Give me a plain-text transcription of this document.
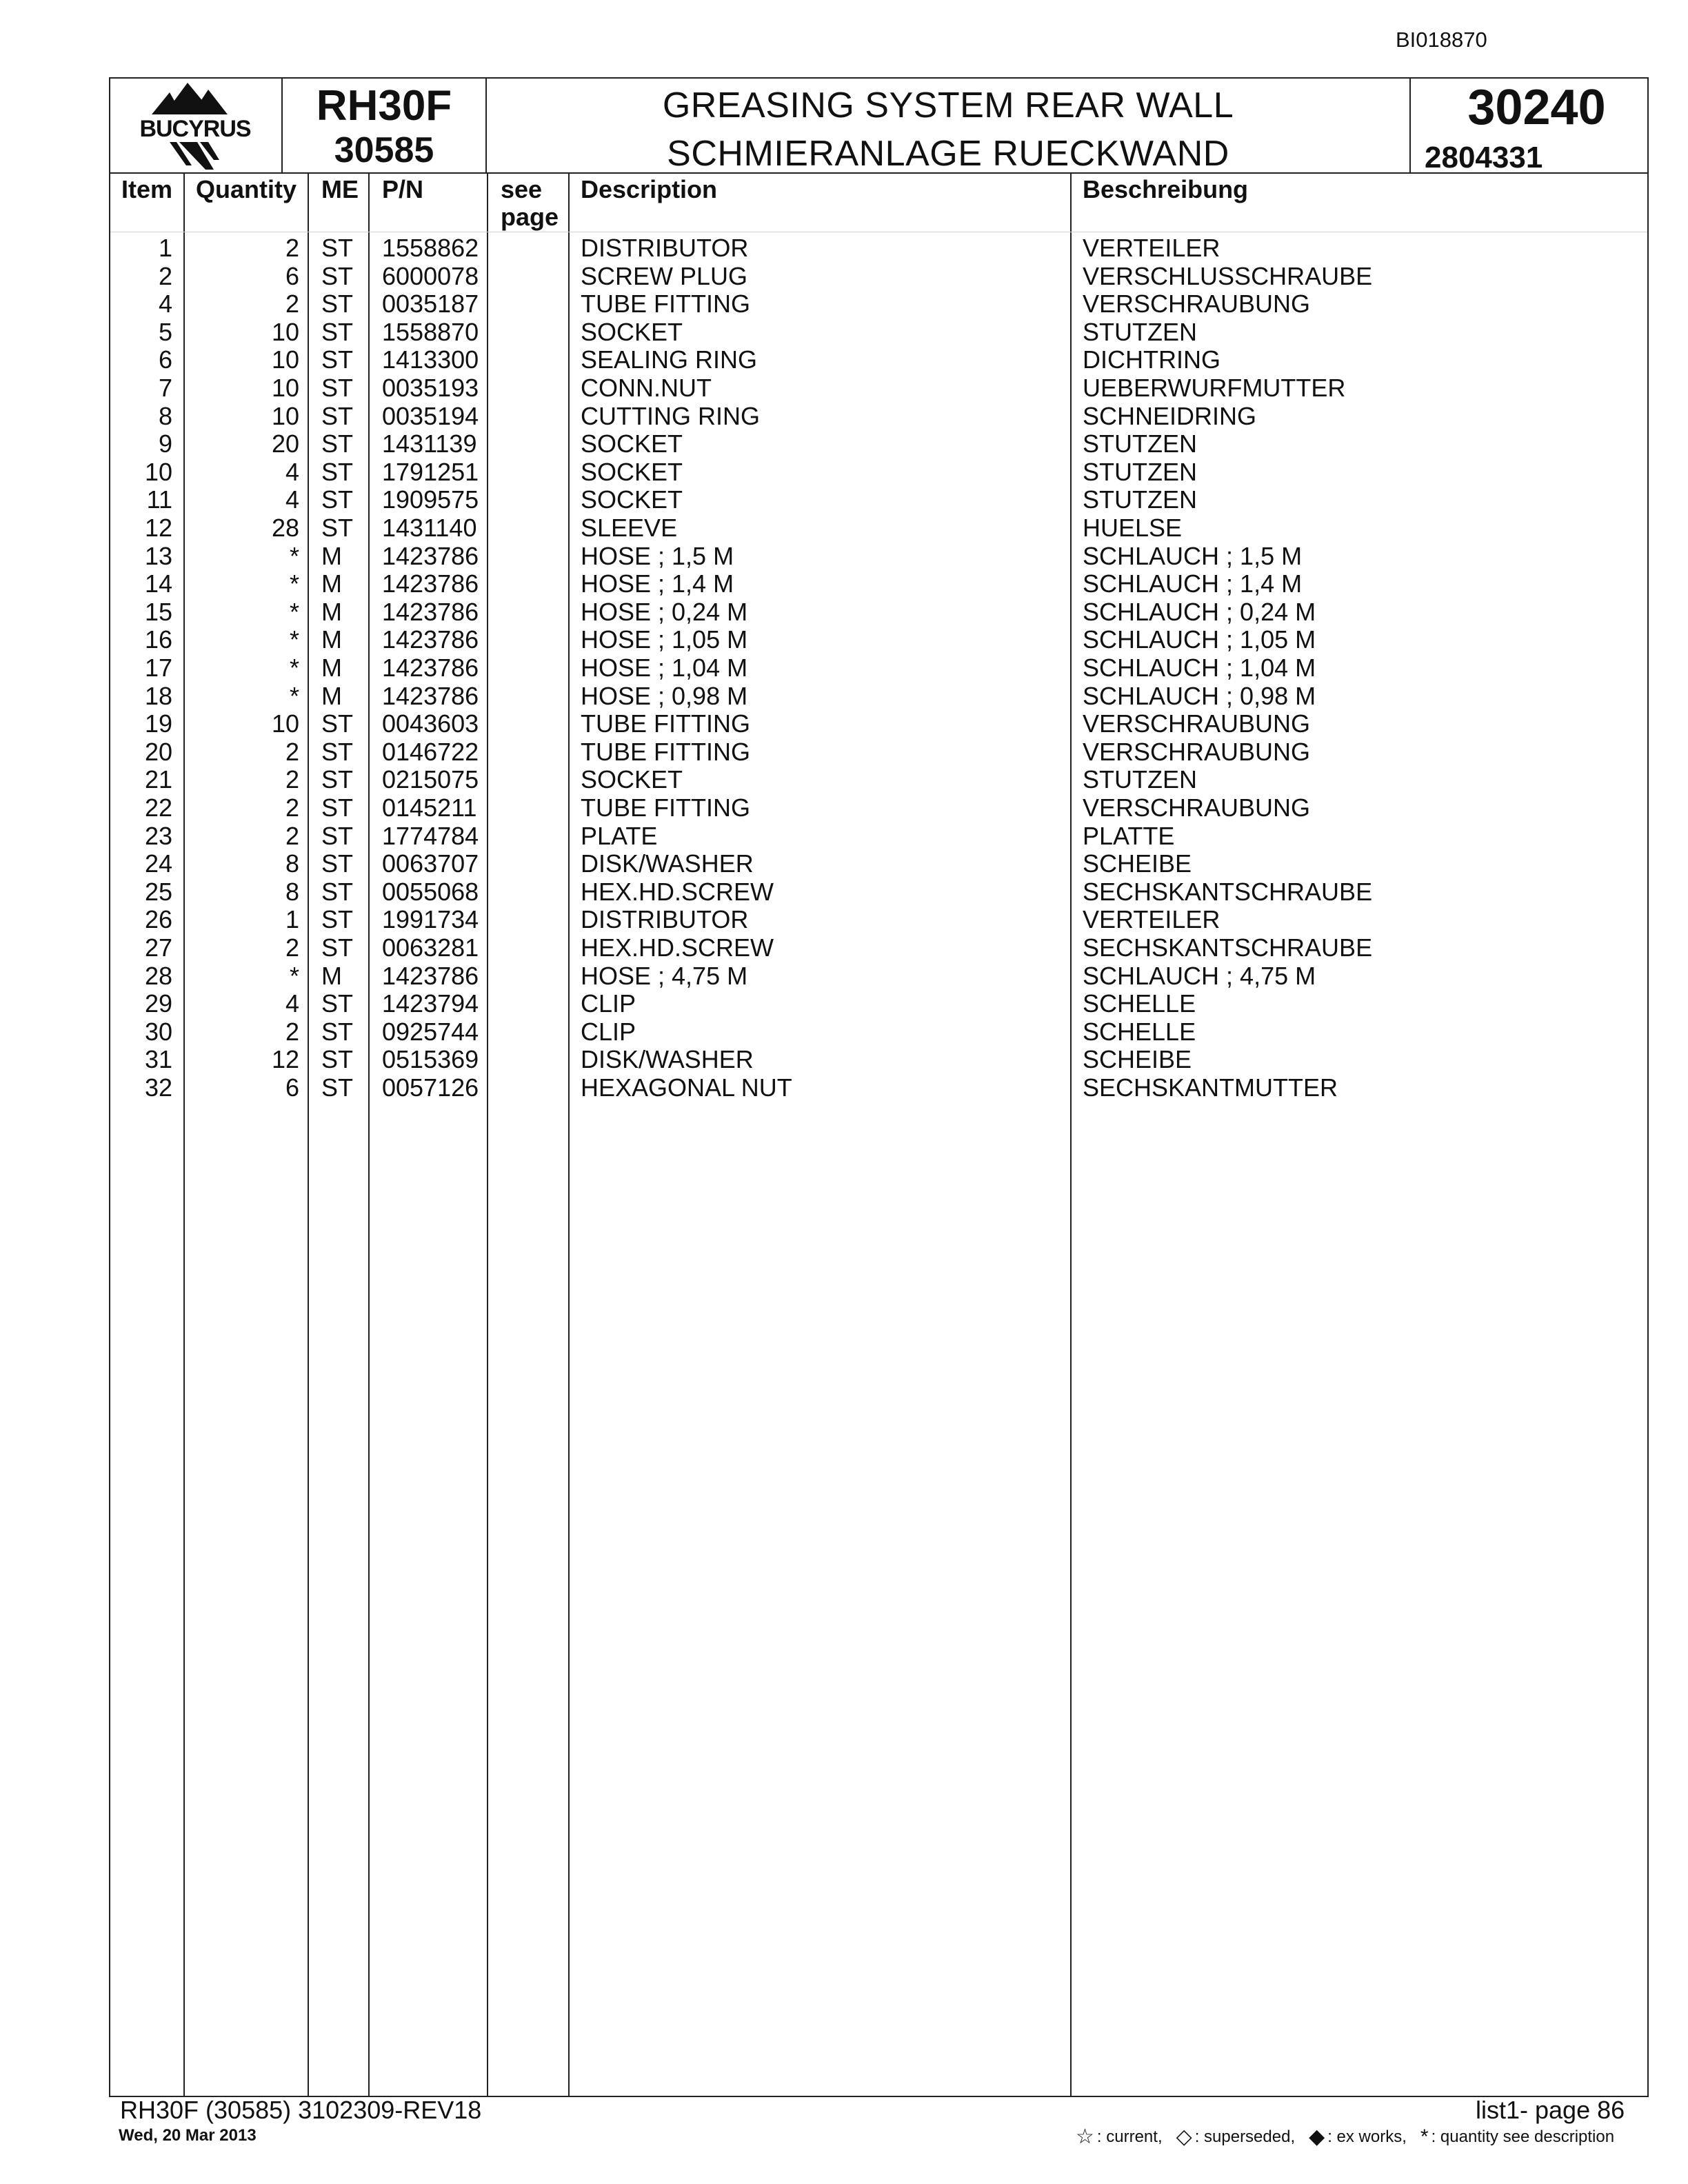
BI018870
BUCYRUS	RH30F
30585
GREASING SYSTEM REAR WALL
SCHMIERANLAGE RUECKWAND
30240
2804331
Item Quantity ME P/N	see
page
Description	Beschreibung
1	2 ST 1558862	DISTRIBUTOR	VERTEILER
2	6 ST 6000078	SCREW PLUG	VERSCHLUSSCHRAUBE
4	2 ST 0035187	TUBE FITTING	VERSCHRAUBUNG
5	10 ST 1558870	SOCKET	STUTZEN
6	10 ST 1413300	SEALING RING	DICHTRING
7	10 ST 0035193	CONN.NUT	UEBERWURFMUTTER
8	10 ST 0035194	CUTTING RING	SCHNEIDRING
9	20 ST 1431139	SOCKET	STUTZEN
10	4 ST 1791251	SOCKET	STUTZEN
11	4 ST 1909575	SOCKET	STUTZEN
12	28 ST 1431140	SLEEVE	HUELSE
13	* M 1423786	HOSE ; 1,5 M	SCHLAUCH ; 1,5 M
14	* M 1423786	HOSE ; 1,4 M	SCHLAUCH ; 1,4 M
15	* M 1423786	HOSE ; 0,24 M	SCHLAUCH ; 0,24 M
16	* M 1423786	HOSE ; 1,05 M	SCHLAUCH ; 1,05 M
17	* M 1423786	HOSE ; 1,04 M	SCHLAUCH ; 1,04 M
18	* M 1423786	HOSE ; 0,98 M	SCHLAUCH ; 0,98 M
19	10 ST 0043603	TUBE FITTING	VERSCHRAUBUNG
20	2 ST 0146722	TUBE FITTING	VERSCHRAUBUNG
21	2 ST 0215075	SOCKET	STUTZEN
22	2 ST 0145211	TUBE FITTING	VERSCHRAUBUNG
23	2 ST 1774784	PLATE	PLATTE
24	8 ST 0063707	DISK/WASHER	SCHEIBE
25	8 ST 0055068	HEX.HD.SCREW	SECHSKANTSCHRAUBE
26	1 ST 1991734	DISTRIBUTOR	VERTEILER
27	2 ST 0063281	HEX.HD.SCREW	SECHSKANTSCHRAUBE
28	* M 1423786	HOSE ; 4,75 M	SCHLAUCH ; 4,75 M
29	4 ST 1423794	CLIP	SCHELLE
30	2 ST 0925744	CLIP	SCHELLE
31	12 ST 0515369	DISK/WASHER	SCHEIBE
32	6 ST 0057126	HEXAGONAL NUT	SECHSKANTMUTTER
RH30F (30585) 3102309-REV18
Wed, 20 Mar 2013
list1- page 86
☆ : current, ◇ : superseded, ◆ : ex works, * : quantity see description
